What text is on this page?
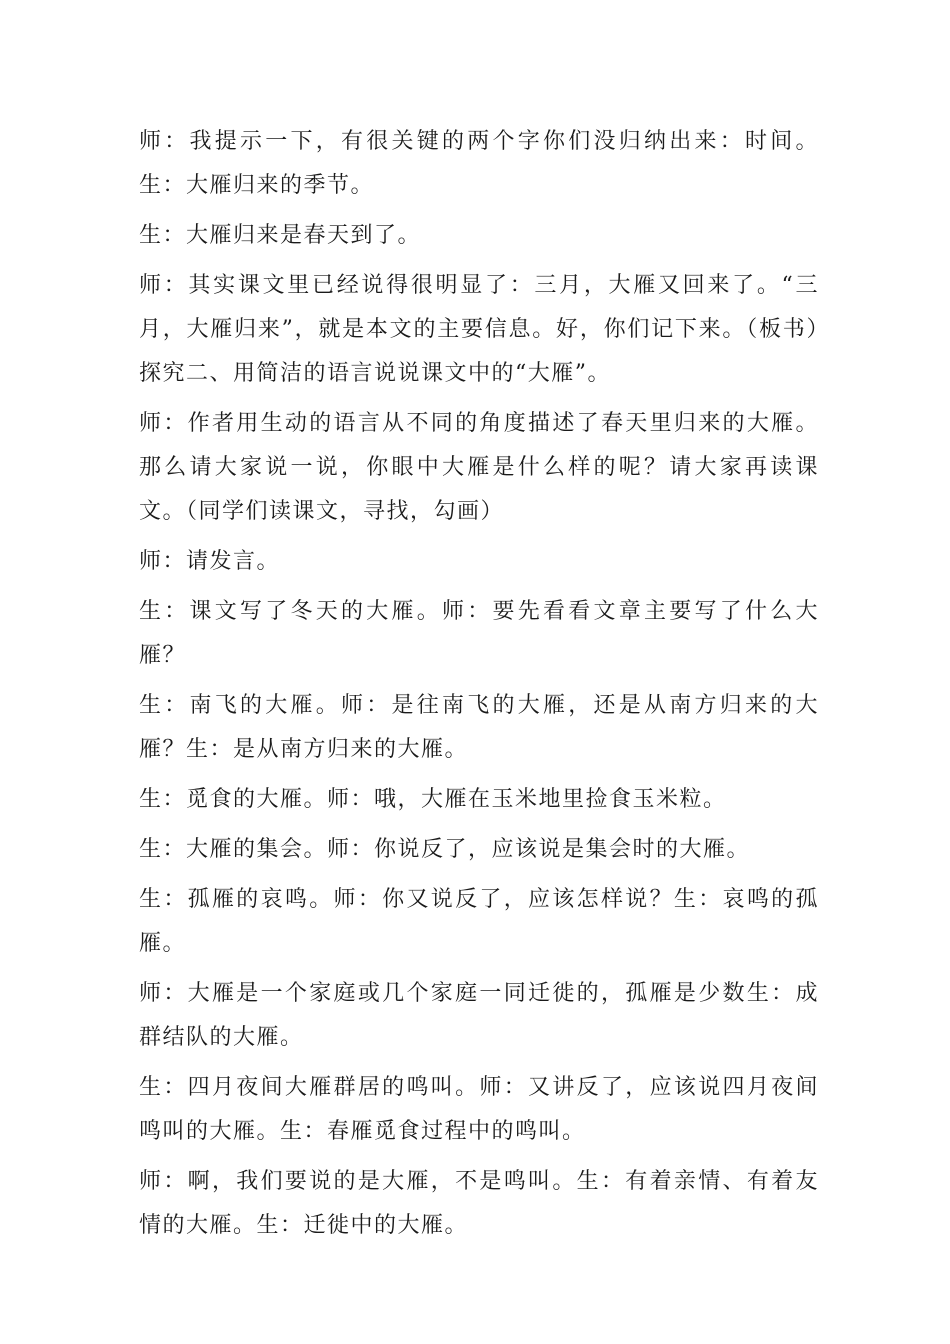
师：我提示一下，有很关键的两个字你们没归纳出来：时间。生：大雁归来的季节。

生：大雁归来是春天到了。

师：其实课文里已经说得很明显了：三月，大雁又回来了。“三月，大雁归来”，就是本文的主要信息。好，你们记下来。（板书）探究二、用简洁的语言说说课文中的“大雁”。

师：作者用生动的语言从不同的角度描述了春天里归来的大雁。那么请大家说一说，你眼中大雁是什么样的呢？请大家再读课文。（同学们读课文，寻找，勾画）

师：请发言。

生：课文写了冬天的大雁。师：要先看看文章主要写了什么大雁？

生：南飞的大雁。师：是往南飞的大雁，还是从南方归来的大雁？生：是从南方归来的大雁。

生：觅食的大雁。师：哦，大雁在玉米地里捡食玉米粒。

生：大雁的集会。师：你说反了，应该说是集会时的大雁。

生：孤雁的哀鸣。师：你又说反了，应该怎样说？生：哀鸣的孤雁。

师：大雁是一个家庭或几个家庭一同迁徙的，孤雁是少数生：成群结队的大雁。

生：四月夜间大雁群居的鸣叫。师：又讲反了，应该说四月夜间鸣叫的大雁。生：春雁觅食过程中的鸣叫。

师：啊，我们要说的是大雁，不是鸣叫。生：有着亲情、有着友情的大雁。生：迁徙中的大雁。
